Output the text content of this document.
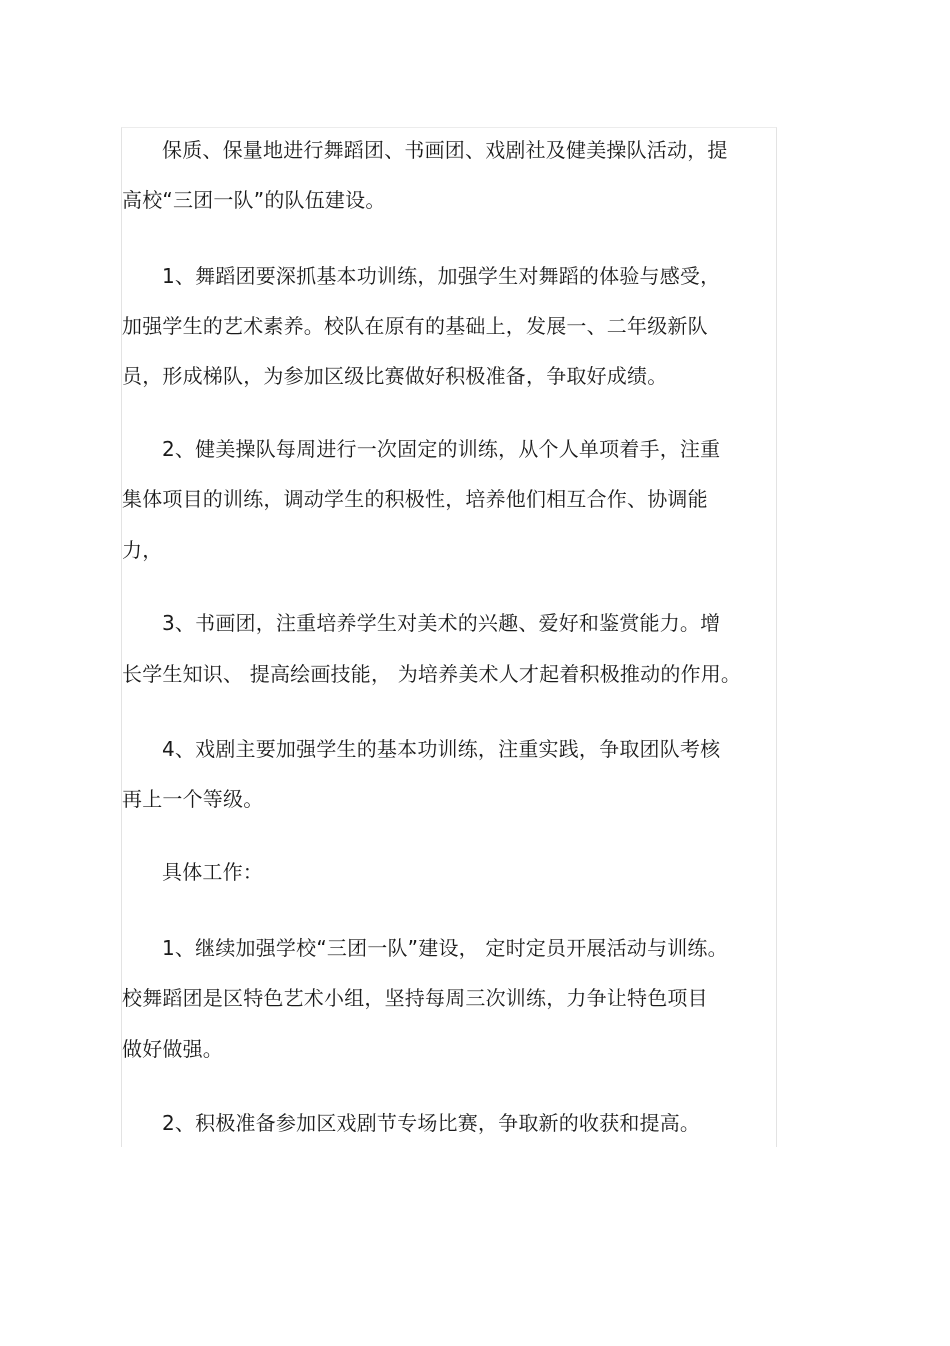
保质、保量地进行舞蹈团、书画团、戏剧社及健美操队活动，提
高校“三团一队”的队伍建设。
1、舞蹈团要深抓基本功训练，加强学生对舞蹈的体验与感受，
加强学生的艺术素养。校队在原有的基础上，发展一、二年级新队
员，形成梯队，为参加区级比赛做好积极准备，争取好成绩。
2、健美操队每周进行一次固定的训练，从个人单项着手，注重
集体项目的训练，调动学生的积极性，培养他们相互合作、协调能
力，
3、书画团，注重培养学生对美术的兴趣、爱好和鉴赏能力。增
长学生知识、 提高绘画技能， 为培养美术人才起着积极推动的作用。
4、戏剧主要加强学生的基本功训练，注重实践，争取团队考核
再上一个等级。
具体工作：
1、继续加强学校“三团一队”建设， 定时定员开展活动与训练。
校舞蹈团是区特色艺术小组，坚持每周三次训练，力争让特色项目
做好做强。
2、积极准备参加区戏剧节专场比赛，争取新的收获和提高。
